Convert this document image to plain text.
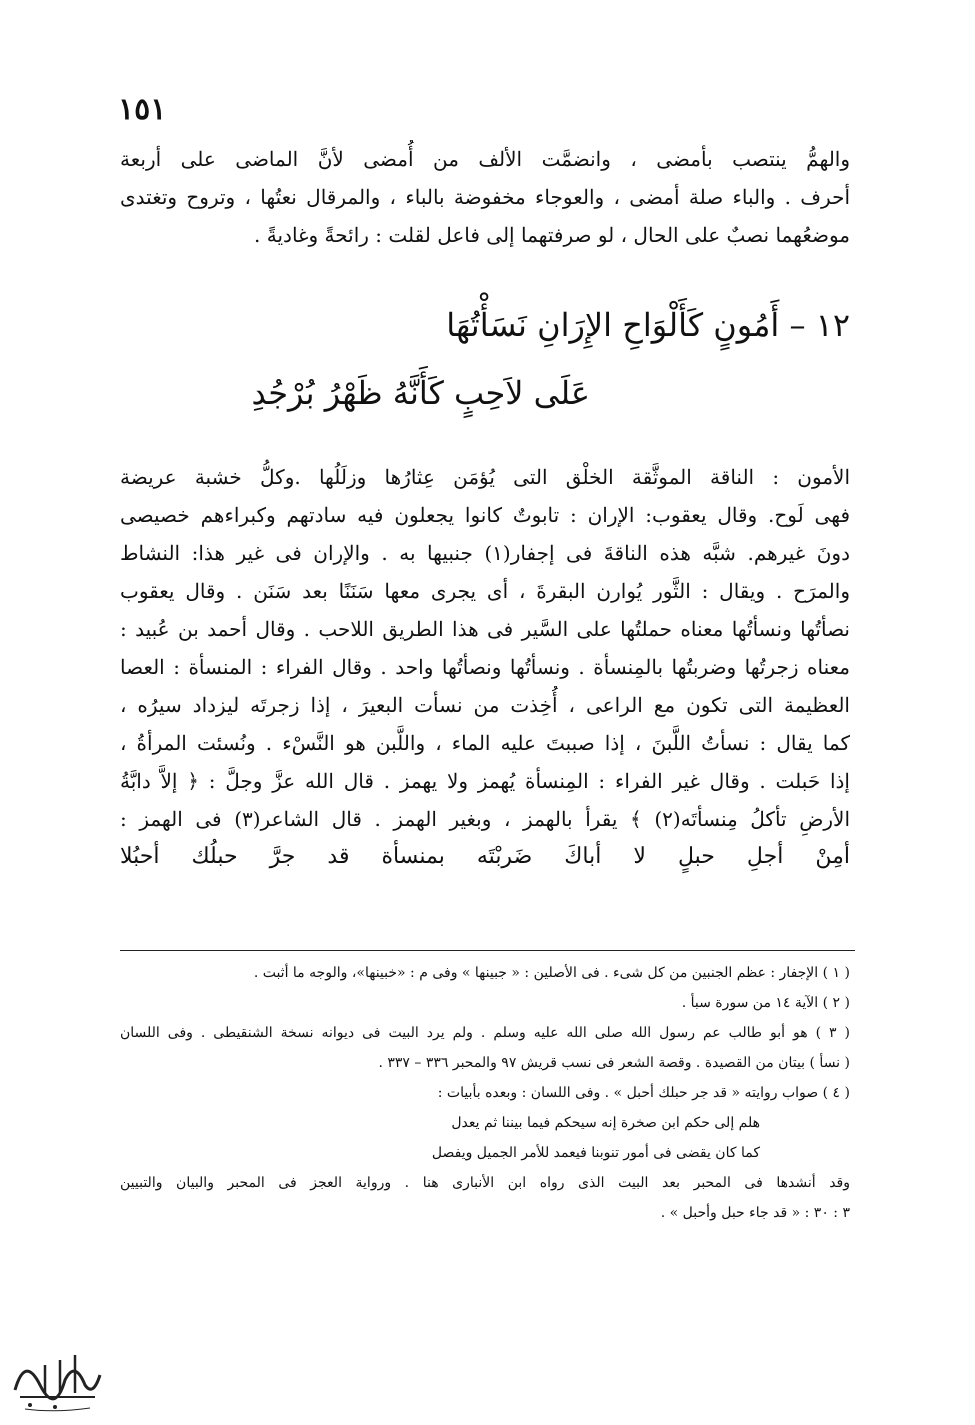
١٥١
والهمُّ ينتصب بأمضى ، وانضمَّت الألف من أُمضى لأنَّ الماضى على أربعة
أحرف . والباء صلة أمضى ، والعوجاء مخفوضة بالباء ، والمرقال نعتُها ، وتروح وتغتدى
موضعُهما نصبٌ على الحال ، لو صرفتهما إلى فاعل لقلت : رائحةً وغاديةً .
١٢ – أَمُونٍ كَأَلْوَاحِ الإِرَانِ نَسَأْتُهَا
عَلَى لاَحِبٍ كَأَنَّهُ ظَهْرُ بُرْجُدِ
الأمون : الناقة الموثَّقة الخلْق التى يُؤمَن عِثارُها وزلَلُها .وكلُّ خشبة عريضة
فهى لَوح. وقال يعقوب: الإران : تابوتٌ كانوا يجعلون فيه سادتهم وكبراءهم خصيصى
دونَ غيرهم. شبَّه هذه الناقةَ فى إجفار(١) جنبيها به . والإران فى غير هذا: النشاط
والمرَح . ويقال : الثَّور يُوارن البقرةَ ، أى يجرى معها سَنَنًا بعد سَنَن . وقال يعقوب
نصأتُها ونسأتُها معناه حملتُها على السَّير فى هذا الطريق اللاحب . وقال أحمد بن عُبيد :
معناه زجرتُها وضربتُها بالمِنسأة . ونسأتُها ونصأتُها واحد . وقال الفراء : المنسأة : العصا
العظيمة التى تكون مع الراعى ، أُخِذت من نسأت البعيرَ ، إذا زجرتَه ليزداد سيرُه ،
كما يقال : نسأتُ اللَّبنَ ، إذا صببتَ عليه الماء ، واللَّبن هو النَّسْء . ونُسئت المرأةُ ،
إذا حَبلت . وقال غير الفراء : المِنسأة يُهمز ولا يهمز . قال الله عزَّ وجلَّ : ﴿ إلاَّ دابَّةُ
الأرضِ تأكلُ مِنسأتَه(٢) ﴾ يقرأ بالهمز ، وبغير الهمز . قال الشاعر(٣) فى الهمز :
أمِنْ أجلِ حبلٍ لا أباكَ ضَربْتَه بمنسأة قد جرَّ حبلُك أحبُلا
( ١ ) الإجفار : عظم الجنبين من كل شىء . فى الأصلين : « جبينها » وفى م : «خبينها»، والوجه ما أثبت .
( ٢ ) الآية ١٤ من سورة سبأ .
( ٣ ) هو أبو طالب عم رسول الله صلى الله عليه وسلم . ولم يرد البيت فى ديوانه نسخة الشنقيطى . وفى اللسان
( نسأ ) بيتان من القصيدة . وقصة الشعر فى نسب قريش ٩٧ والمحبر ٣٣٦ – ٣٣٧ .
( ٤ ) صواب روايته « قد جر حبلك أحبل » . وفى اللسان : وبعده بأبيات :
هلم إلى حكم ابن صخرة إنه سيحكم فيما بيننا ثم يعدل
كما كان يقضى فى أمور تنوبنا فيعمد للأمر الجميل ويفصل
وقد أنشدها فى المحبر بعد البيت الذى رواه ابن الأنبارى هنا . ورواية العجز فى المحبر والبيان والتبيين
٣ : ٣٠ : « قد جاء حبل وأحبل » .
